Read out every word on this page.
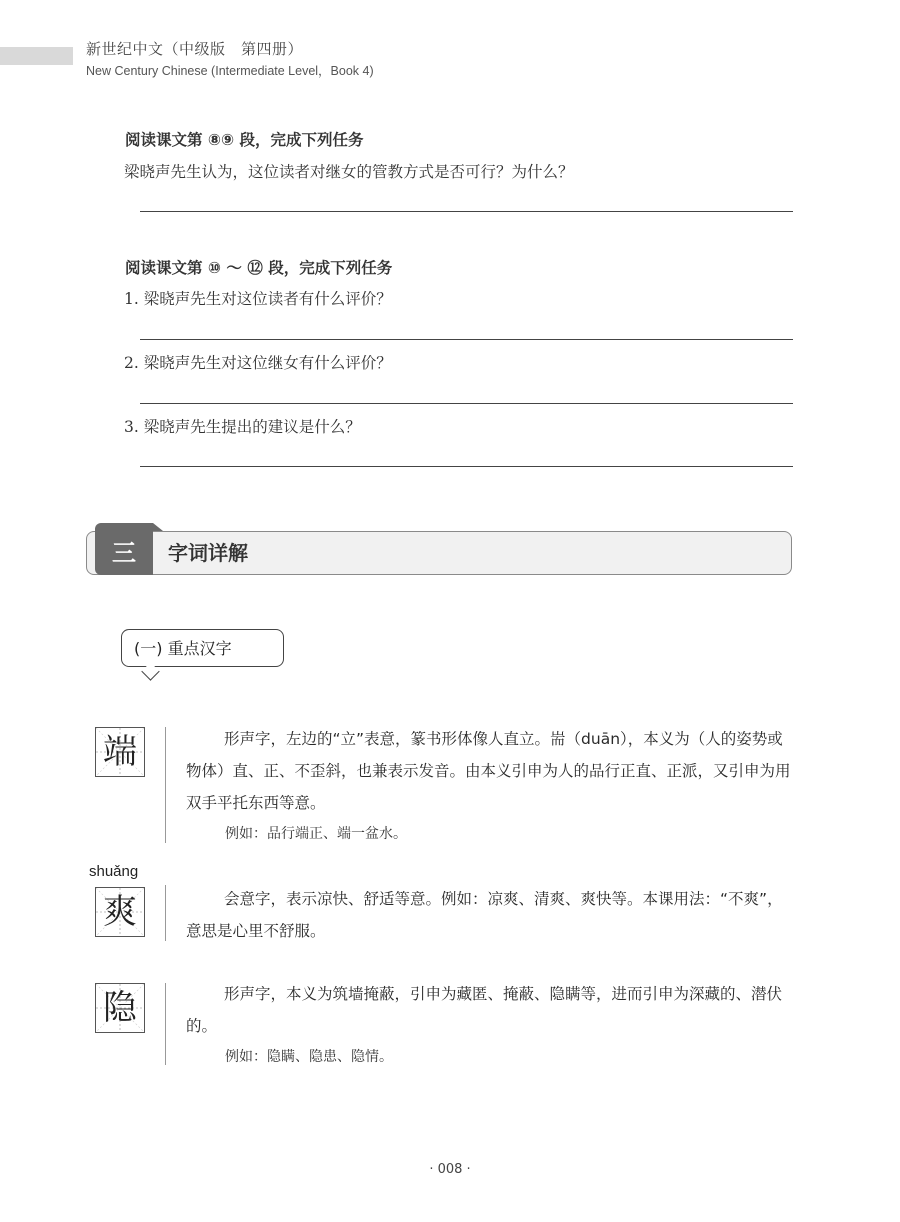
新世纪中文（中级版　第四册）
New Century Chinese (Intermediate Level，Book 4)
阅读课文第 ⑧⑨ 段，完成下列任务
梁晓声先生认为，这位读者对继女的管教方式是否可行？为什么？
阅读课文第 ⑩ ～ ⑫ 段，完成下列任务
1. 梁晓声先生对这位读者有什么评价？
2. 梁晓声先生对这位继女有什么评价？
3. 梁晓声先生提出的建议是什么？
三	字词详解
(一) 重点汉字
端	形声字，左边的“立”表意，篆书形体像人直立。耑（duān），本义为（人的姿势或物体）直、正、不歪斜，也兼表示发音。由本义引申为人的品行正直、正派，又引申为用双手平托东西等意。
例如：品行端正、端一盆水。
shuǎng
爽	会意字，表示凉快、舒适等意。例如：凉爽、清爽、爽快等。本课用法：“不爽”，意思是心里不舒服。
隐	形声字，本义为筑墙掩蔽，引申为藏匿、掩蔽、隐瞒等，进而引申为深藏的、潜伏的。
例如：隐瞒、隐患、隐情。
· 008 ·
